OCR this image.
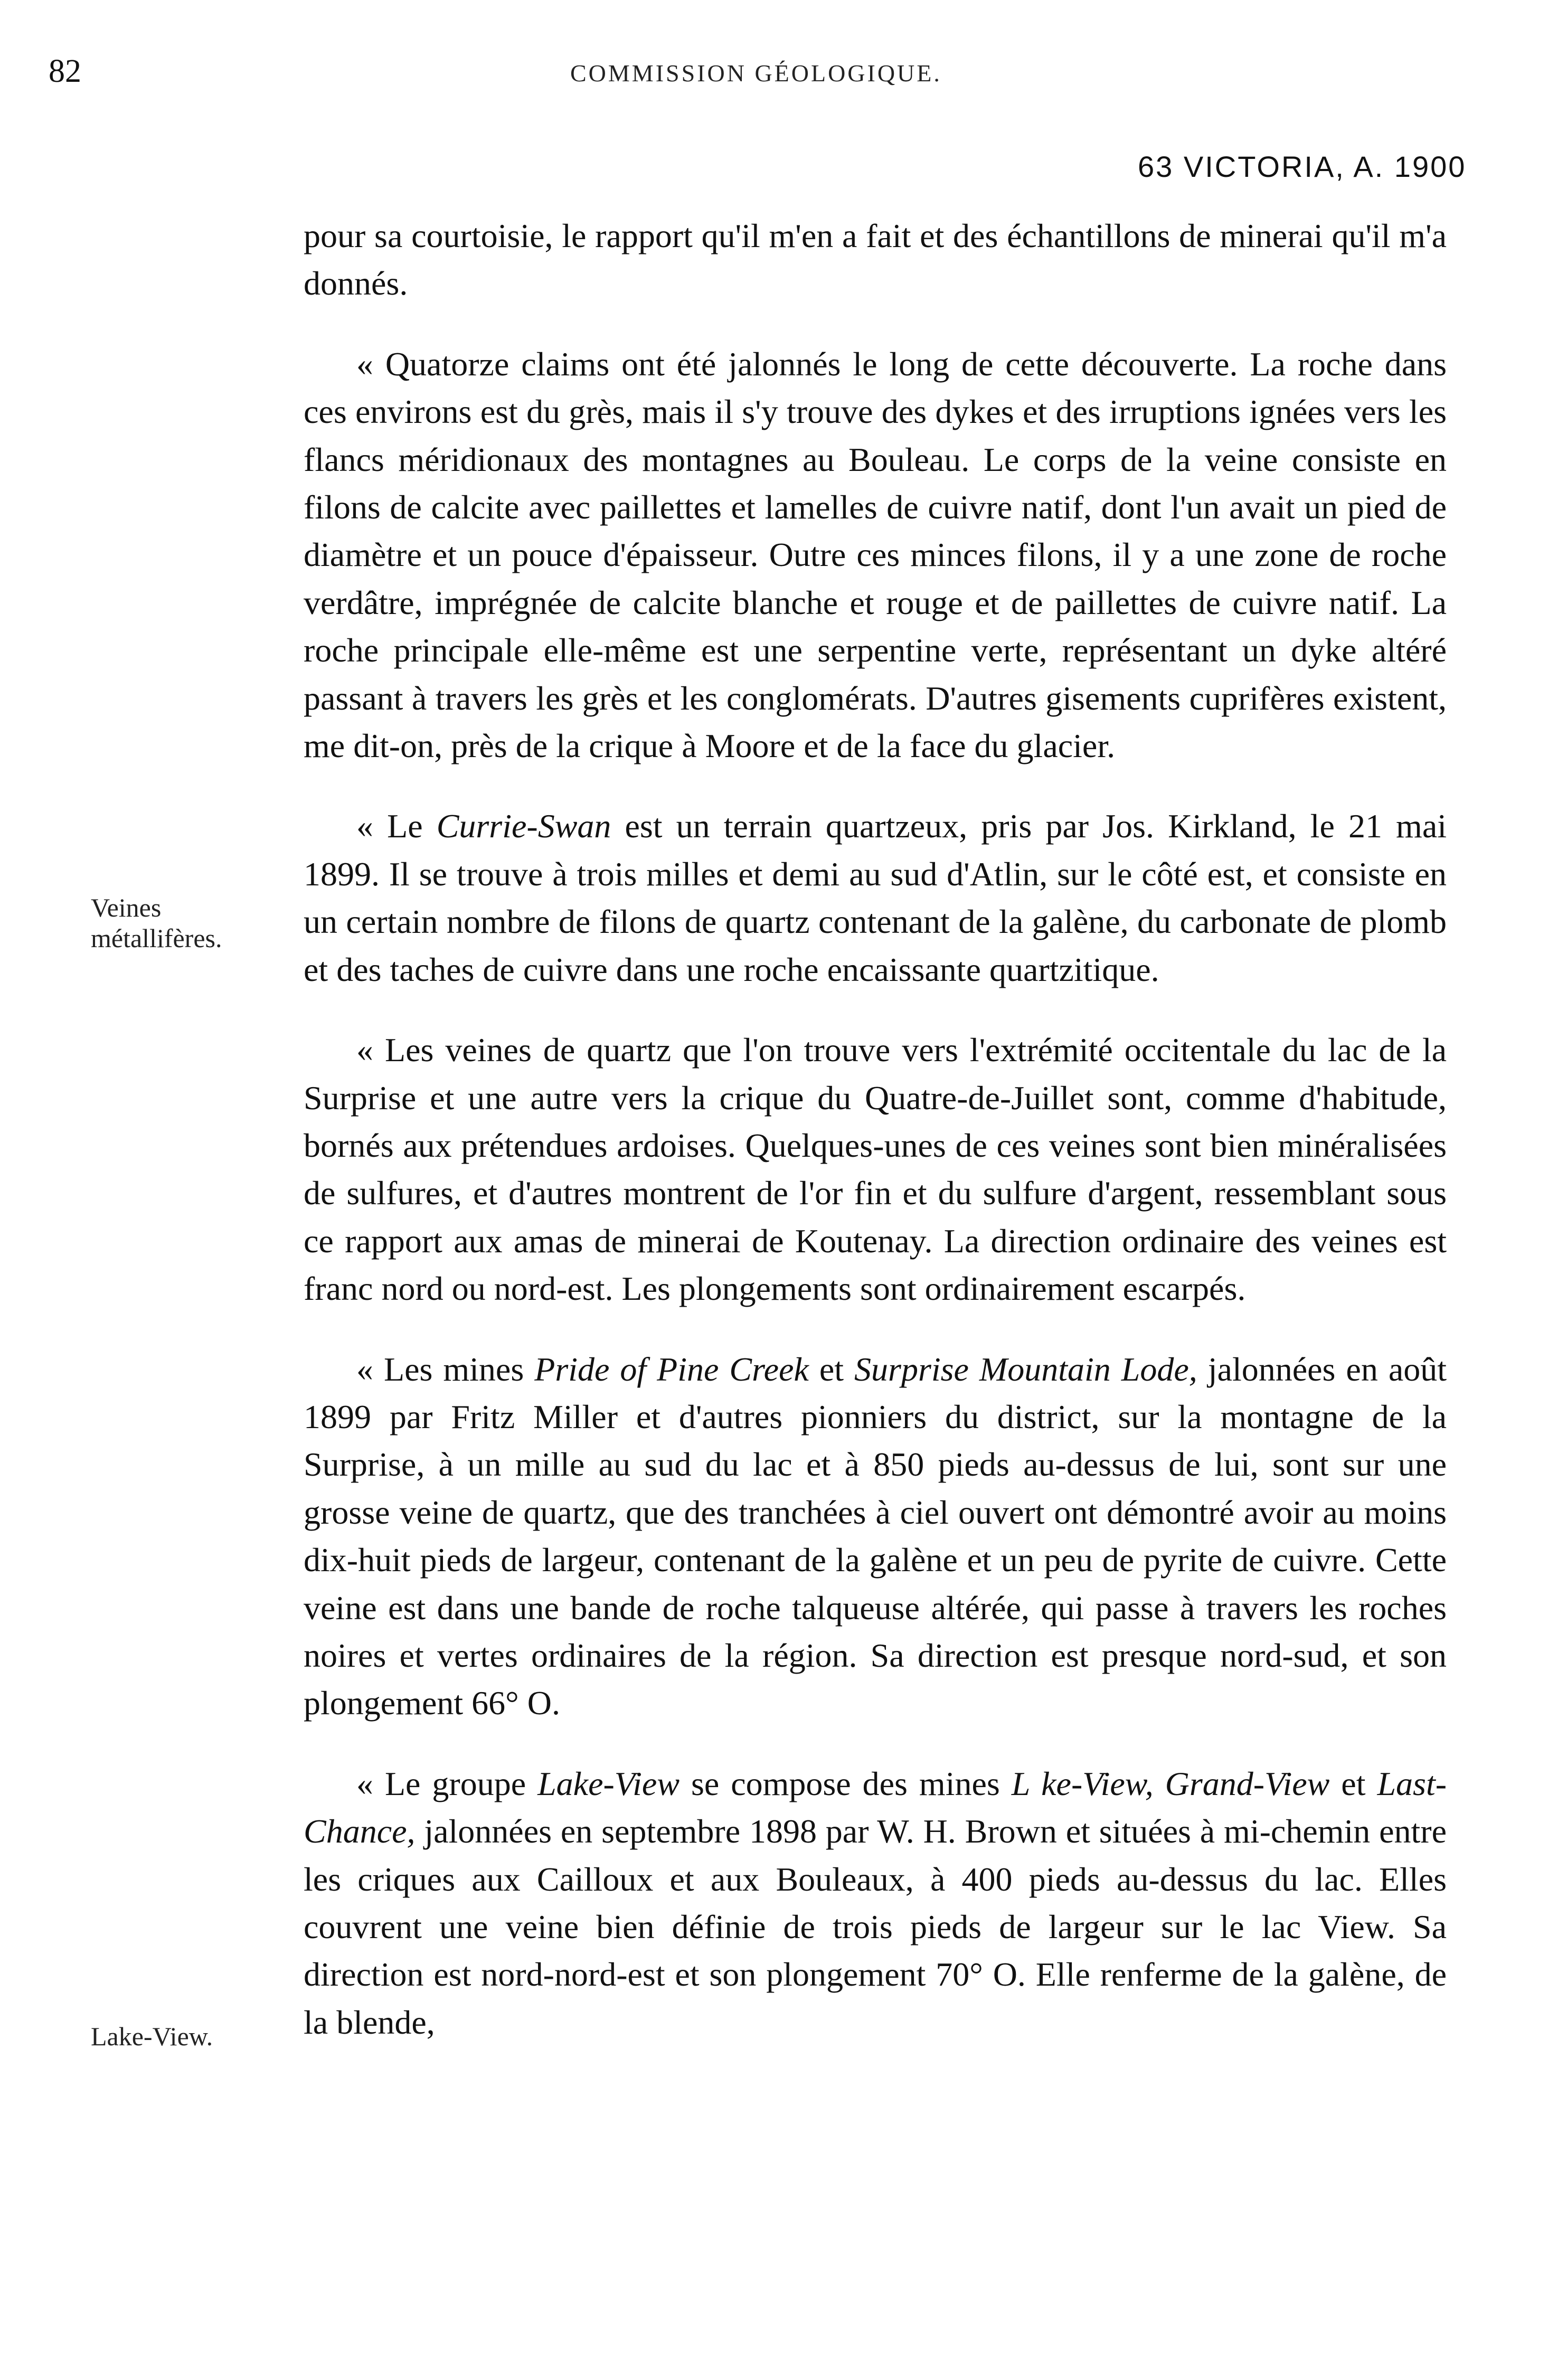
82	COMMISSION GÉOLOGIQUE.
63 VICTORIA, A. 1900
Veines
métallifères.
Lake-View.

pour sa courtoisie, le rapport qu'il m'en a fait et des échantillons de minerai qu'il m'a donnés.

« Quatorze claims ont été jalonnés le long de cette découverte. La roche dans ces environs est du grès, mais il s'y trouve des dykes et des irruptions ignées vers les flancs méridionaux des montagnes au Bouleau. Le corps de la veine consiste en filons de calcite avec paillettes et lamelles de cuivre natif, dont l'un avait un pied de diamètre et un pouce d'épaisseur. Outre ces minces filons, il y a une zone de roche verdâtre, imprégnée de calcite blanche et rouge et de paillettes de cuivre natif. La roche principale elle-même est une serpentine verte, représentant un dyke altéré passant à travers les grès et les conglomérats. D'autres gisements cuprifères existent, me dit-on, près de la crique à Moore et de la face du glacier.

« Le Currie-Swan est un terrain quartzeux, pris par Jos. Kirkland, le 21 mai 1899. Il se trouve à trois milles et demi au sud d'Atlin, sur le côté est, et consiste en un certain nombre de filons de quartz contenant de la galène, du carbonate de plomb et des taches de cuivre dans une roche encaissante quartzitique.

« Les veines de quartz que l'on trouve vers l'extrémité occitentale du lac de la Surprise et une autre vers la crique du Quatre-de-Juillet sont, comme d'habitude, bornés aux prétendues ardoises. Quelques-unes de ces veines sont bien minéralisées de sulfures, et d'autres montrent de l'or fin et du sulfure d'argent, ressemblant sous ce rapport aux amas de minerai de Koutenay. La direction ordinaire des veines est franc nord ou nord-est. Les plongements sont ordinairement escarpés.

« Les mines Pride of Pine Creek et Surprise Mountain Lode, jalonnées en août 1899 par Fritz Miller et d'autres pionniers du district, sur la montagne de la Surprise, à un mille au sud du lac et à 850 pieds au-dessus de lui, sont sur une grosse veine de quartz, que des tranchées à ciel ouvert ont démontré avoir au moins dix-huit pieds de largeur, contenant de la galène et un peu de pyrite de cuivre. Cette veine est dans une bande de roche talqueuse altérée, qui passe à travers les roches noires et vertes ordinaires de la région. Sa direction est presque nord-sud, et son plongement 66° O.

« Le groupe Lake-View se compose des mines L ke-View, Grand-View et Last-Chance, jalonnées en septembre 1898 par W. H. Brown et situées à mi-chemin entre les criques aux Cailloux et aux Bouleaux, à 400 pieds au-dessus du lac. Elles couvrent une veine bien définie de trois pieds de largeur sur le lac View. Sa direction est nord-nord-est et son plongement 70° O. Elle renferme de la galène, de la blende,
